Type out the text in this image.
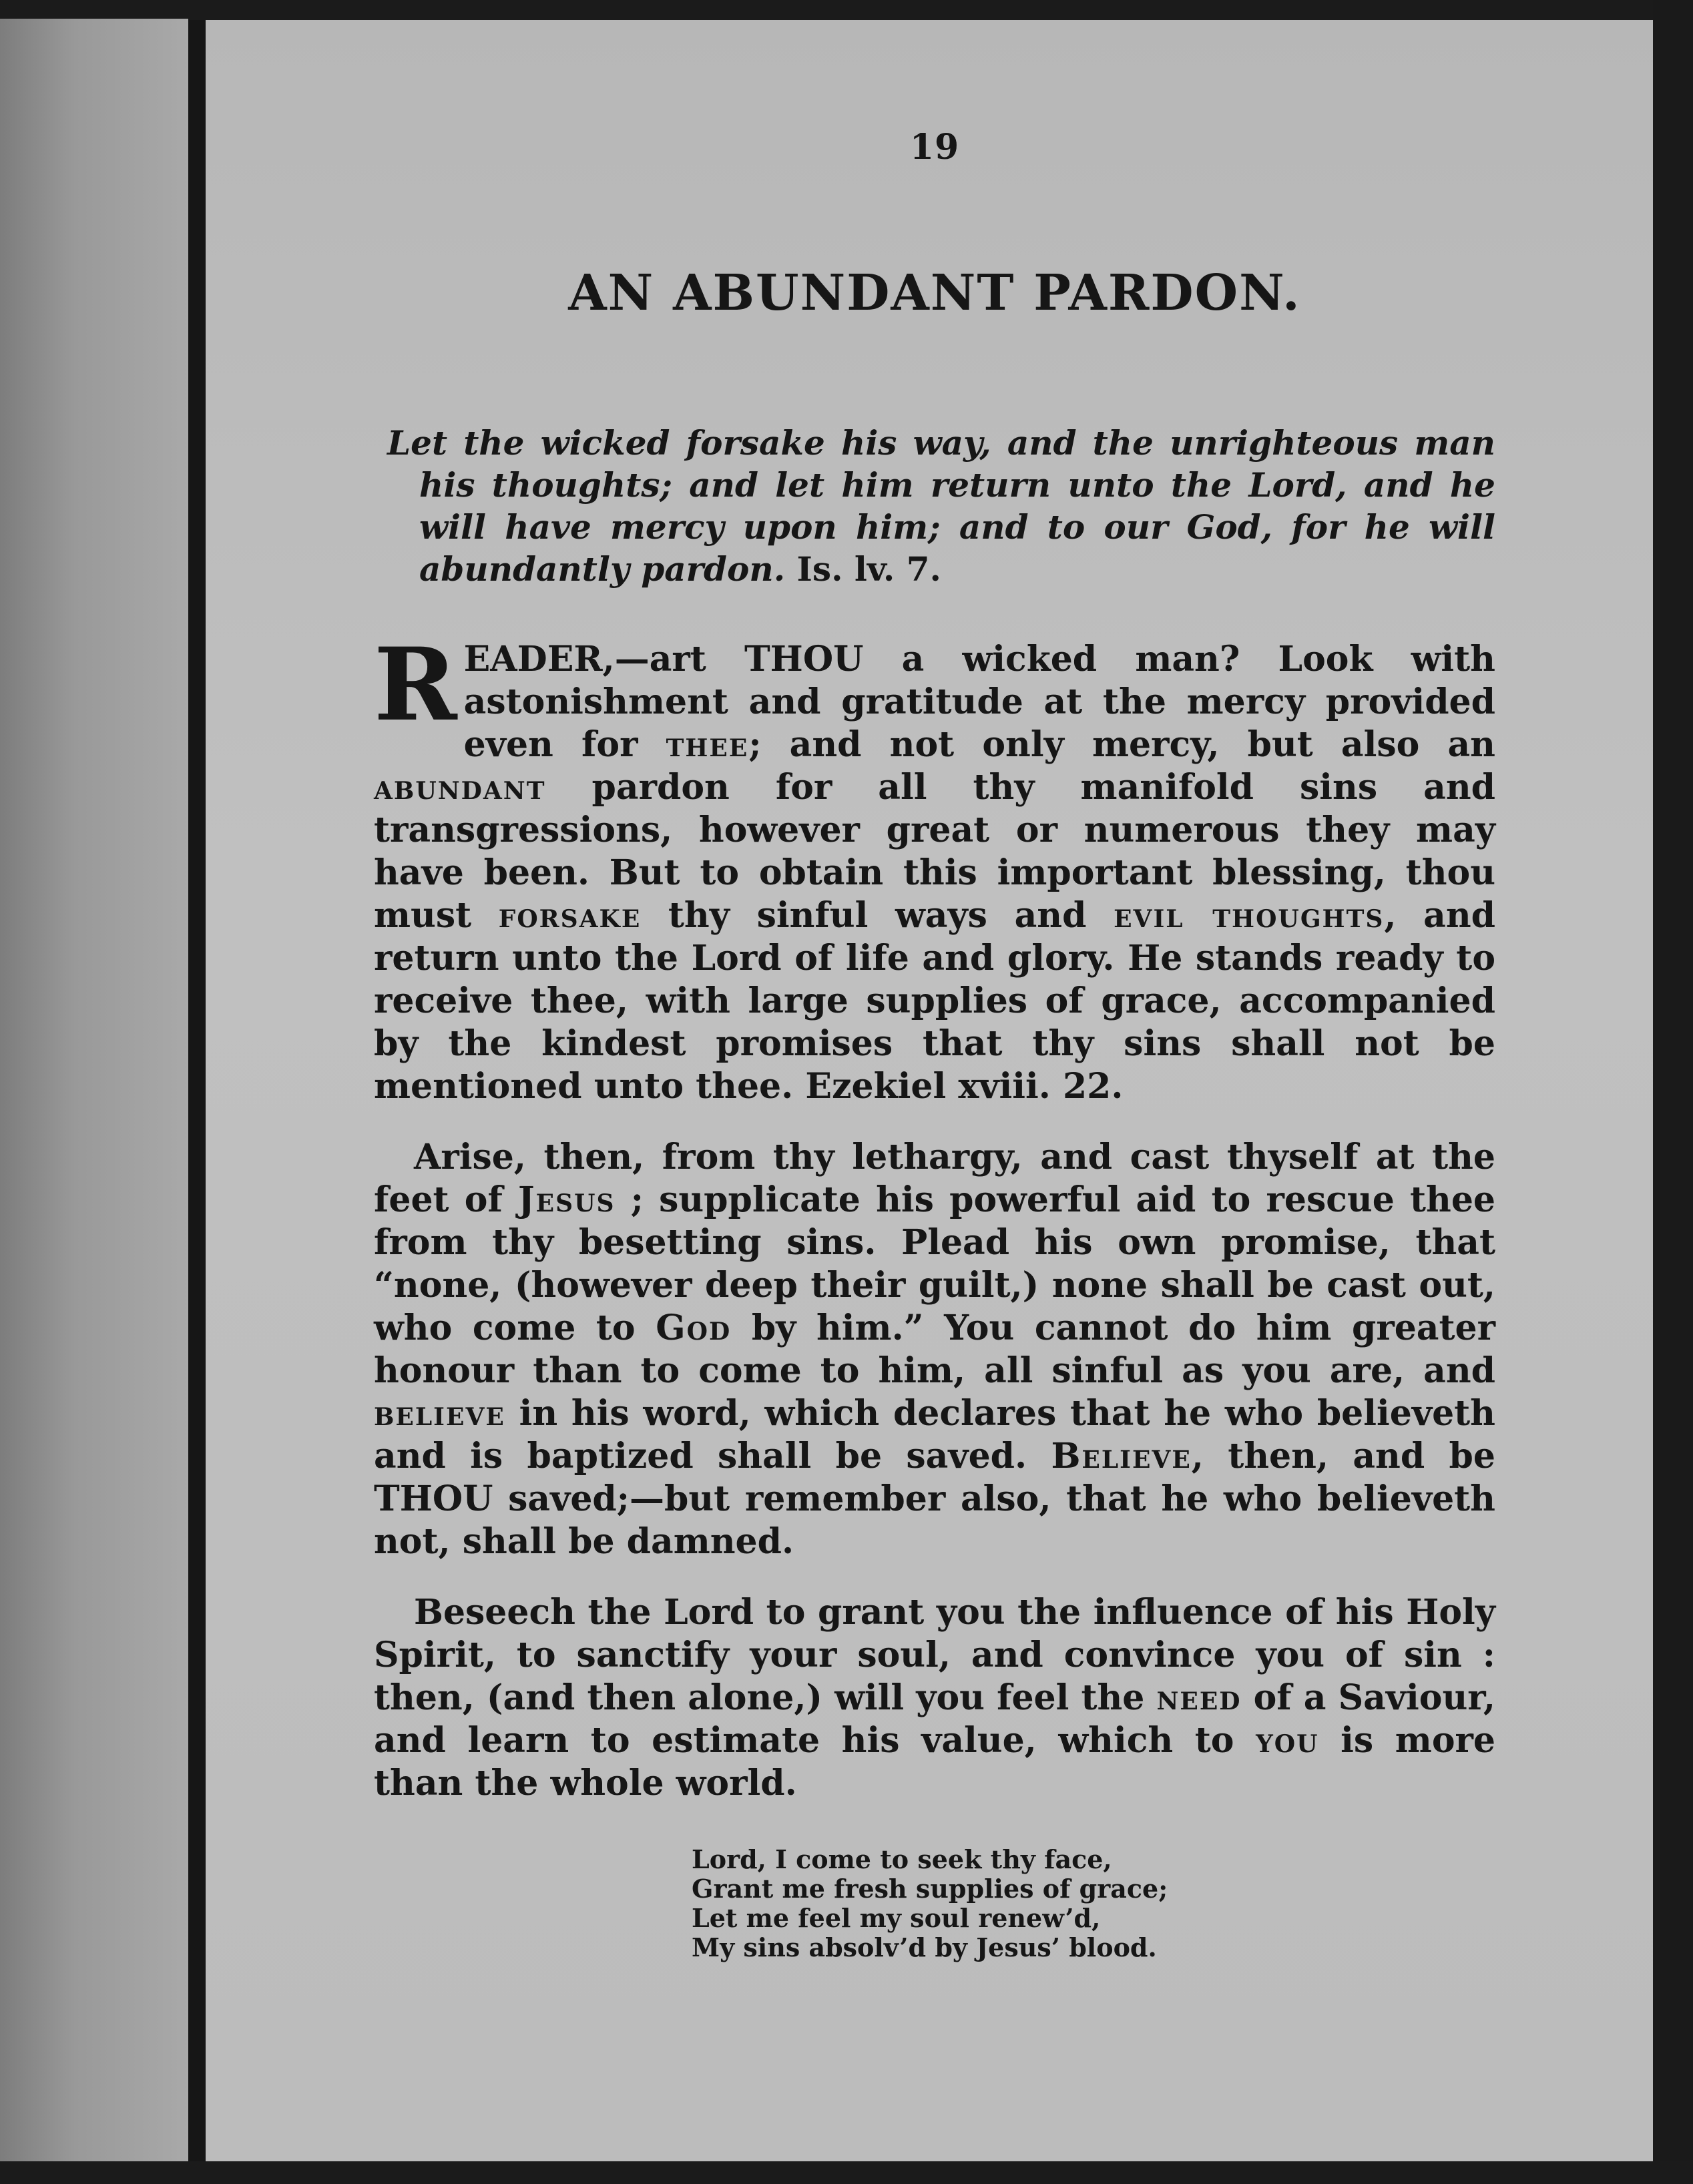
19

AN ABUNDANT PARDON.

Let the wicked forsake his way, and the unrighteous man his thoughts; and let him return unto the Lord, and he will have mercy upon him; and to our God, for he will abundantly pardon. Is. lv. 7.

READER,—art THOU a wicked man? Look with astonishment and gratitude at the mercy provided even for thee; and not only mercy, but also an abundant pardon for all thy manifold sins and transgressions, however great or numerous they may have been. But to obtain this important blessing, thou must forsake thy sinful ways and evil thoughts, and return unto the Lord of life and glory. He stands ready to receive thee, with large supplies of grace, accompanied by the kindest promises that thy sins shall not be mentioned unto thee. Ezekiel xviii. 22.

Arise, then, from thy lethargy, and cast thyself at the feet of Jesus ; supplicate his powerful aid to rescue thee from thy besetting sins. Plead his own promise, that “none, (however deep their guilt,) none shall be cast out, who come to God by him.” You cannot do him greater honour than to come to him, all sinful as you are, and believe in his word, which declares that he who believeth and is baptized shall be saved. Believe, then, and be THOU saved;—but remember also, that he who believeth not, shall be damned.

Beseech the Lord to grant you the influence of his Holy Spirit, to sanctify your soul, and convince you of sin : then, (and then alone,) will you feel the need of a Saviour, and learn to estimate his value, which to you is more than the whole world.

Lord, I come to seek thy face,
Grant me fresh supplies of grace;
Let me feel my soul renew’d,
My sins absolv’d by Jesus’ blood.
